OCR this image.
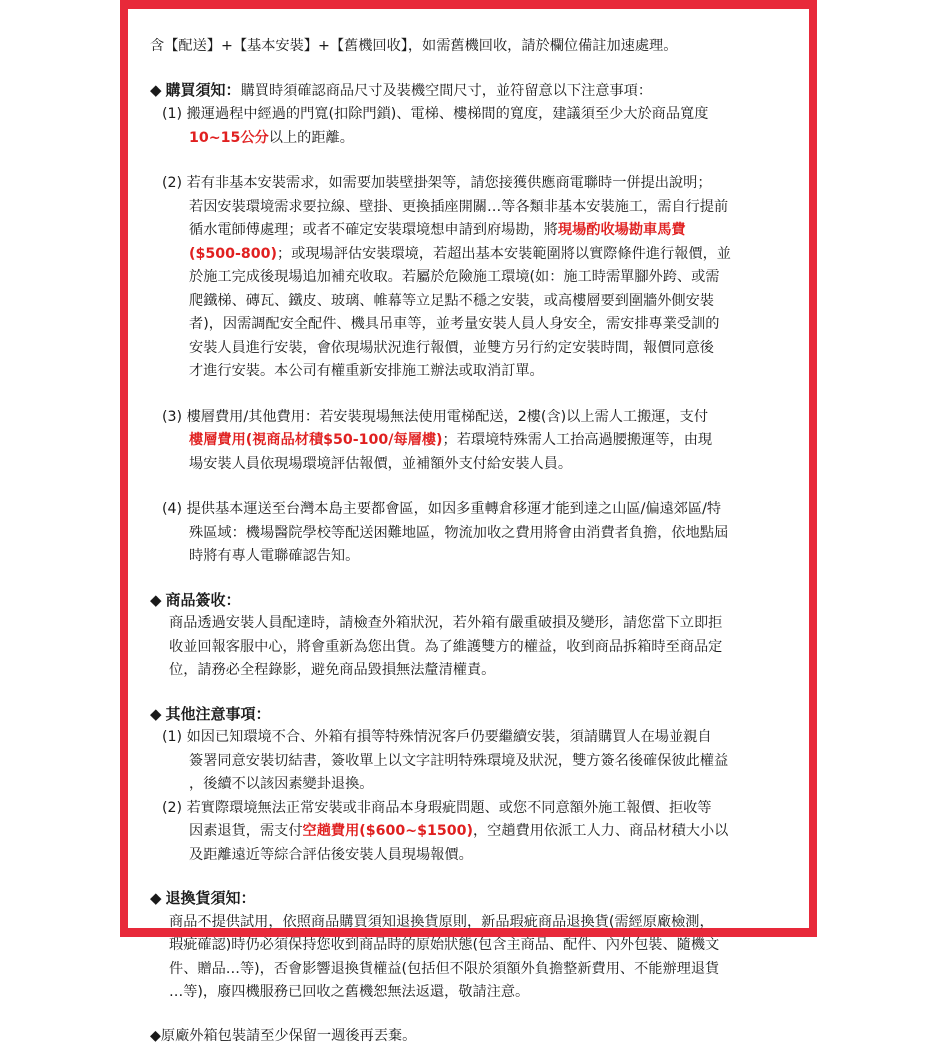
含【配送】+【基本安裝】+【舊機回收】，如需舊機回收，請於欄位備註加速處理。
◆ 購買須知：購買時須確認商品尺寸及裝機空間尺寸，並符留意以下注意事項：
(1) 搬運過程中經過的門寬(扣除門鎖)、電梯、樓梯間的寬度，建議須至少大於商品寬度
10~15公分以上的距離。
(2) 若有非基本安裝需求，如需要加裝壁掛架等，請您接獲供應商電聯時一併提出說明；
若因安裝環境需求要拉線、壁掛、更換插座開關…等各類非基本安裝施工，需自行提前
循水電師傅處理；或者不確定安裝環境想申請到府場勘，將現場酌收場勘車馬費
($500-800)；或現場評估安裝環境，若超出基本安裝範圍將以實際條件進行報價，並
於施工完成後現場追加補充收取。若屬於危險施工環境(如：施工時需單腳外跨、或需
爬鐵梯、磚瓦、鐵皮、玻璃、帷幕等立足點不穩之安裝，或高樓層要到圍牆外側安裝
者)，因需調配安全配件、機具吊車等，並考量安裝人員人身安全，需安排專業受訓的
安裝人員進行安裝，會依現場狀況進行報價，並雙方另行約定安裝時間，報價同意後
才進行安裝。本公司有權重新安排施工辦法或取消訂單。
(3) 樓層費用/其他費用：若安裝現場無法使用電梯配送，2樓(含)以上需人工搬運，支付
樓層費用(視商品材積$50-100/每層樓)；若環境特殊需人工抬高過腰搬運等，由現
場安裝人員依現場環境評估報價，並補額外支付給安裝人員。
(4) 提供基本運送至台灣本島主要都會區，如因多重轉倉移運才能到達之山區/偏遠郊區/特
殊區域：機場醫院學校等配送困難地區，物流加收之費用將會由消費者負擔，依地點屆
時將有專人電聯確認告知。
◆ 商品簽收：
商品透過安裝人員配達時，請檢查外箱狀況，若外箱有嚴重破損及變形，請您當下立即拒
收並回報客服中心，將會重新為您出貨。為了維護雙方的權益，收到商品拆箱時至商品定
位，請務必全程錄影，避免商品毀損無法釐清權責。
◆ 其他注意事項：
(1) 如因已知環境不合、外箱有損等特殊情況客戶仍要繼續安裝，須請購買人在場並親自
簽署同意安裝切結書，簽收單上以文字註明特殊環境及狀況，雙方簽名後確保彼此權益
，後續不以該因素變卦退換。
(2) 若實際環境無法正常安裝或非商品本身瑕疵問題、或您不同意額外施工報價、拒收等
因素退貨，需支付空趟費用($600~$1500)，空趟費用依派工人力、商品材積大小以
及距離遠近等綜合評估後安裝人員現場報價。
◆ 退換貨須知：
商品不提供試用，依照商品購買須知退換貨原則，新品瑕疵商品退換貨(需經原廠檢測，
瑕疵確認)時仍必須保持您收到商品時的原始狀態(包含主商品、配件、內外包裝、隨機文
件、贈品…等)，否會影響退換貨權益(包括但不限於須額外負擔整新費用、不能辦理退貨
…等)，廢四機服務已回收之舊機恕無法返還，敬請注意。
◆原廠外箱包裝請至少保留一週後再丟棄。
